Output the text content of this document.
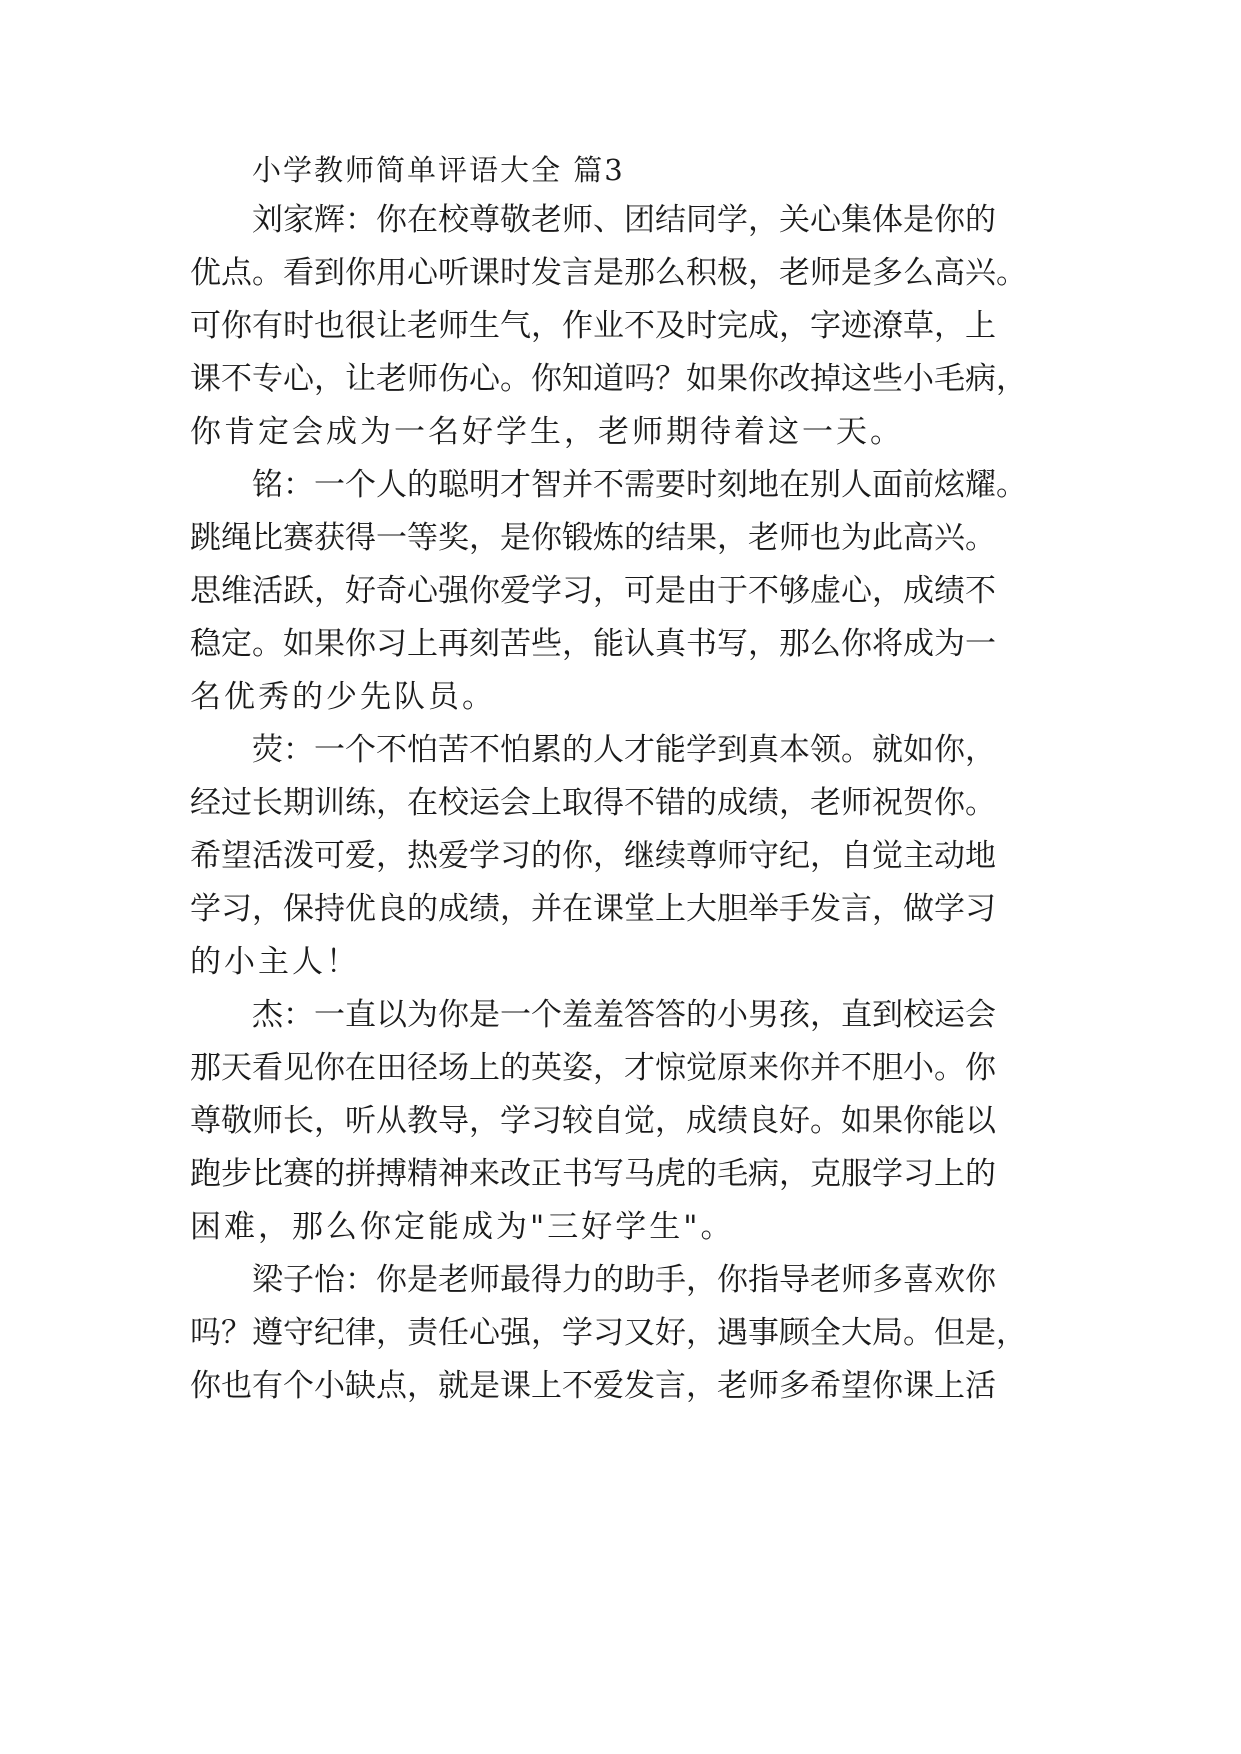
小学教师简单评语大全 篇3

刘家辉：你在校尊敬老师、团结同学，关心集体是你的

优点。看到你用心听课时发言是那么积极，老师是多么高兴。

可你有时也很让老师生气，作业不及时完成，字迹潦草，上

课不专心，让老师伤心。你知道吗？如果你改掉这些小毛病，

你肯定会成为一名好学生，老师期待着这一天。

铭：一个人的聪明才智并不需要时刻地在别人面前炫耀。

跳绳比赛获得一等奖，是你锻炼的结果，老师也为此高兴。

思维活跃，好奇心强你爱学习，可是由于不够虚心，成绩不

稳定。如果你习上再刻苦些，能认真书写，那么你将成为一

名优秀的少先队员。

荧：一个不怕苦不怕累的人才能学到真本领。就如你，

经过长期训练，在校运会上取得不错的成绩，老师祝贺你。

希望活泼可爱，热爱学习的你，继续尊师守纪，自觉主动地

学习，保持优良的成绩，并在课堂上大胆举手发言，做学习

的小主人！

杰：一直以为你是一个羞羞答答的小男孩，直到校运会

那天看见你在田径场上的英姿，才惊觉原来你并不胆小。你

尊敬师长，听从教导，学习较自觉，成绩良好。如果你能以

跑步比赛的拼搏精神来改正书写马虎的毛病，克服学习上的

困难，那么你定能成为"三好学生"。

梁子怡：你是老师最得力的助手，你指导老师多喜欢你

吗？遵守纪律，责任心强，学习又好，遇事顾全大局。但是，

你也有个小缺点，就是课上不爱发言，老师多希望你课上活
